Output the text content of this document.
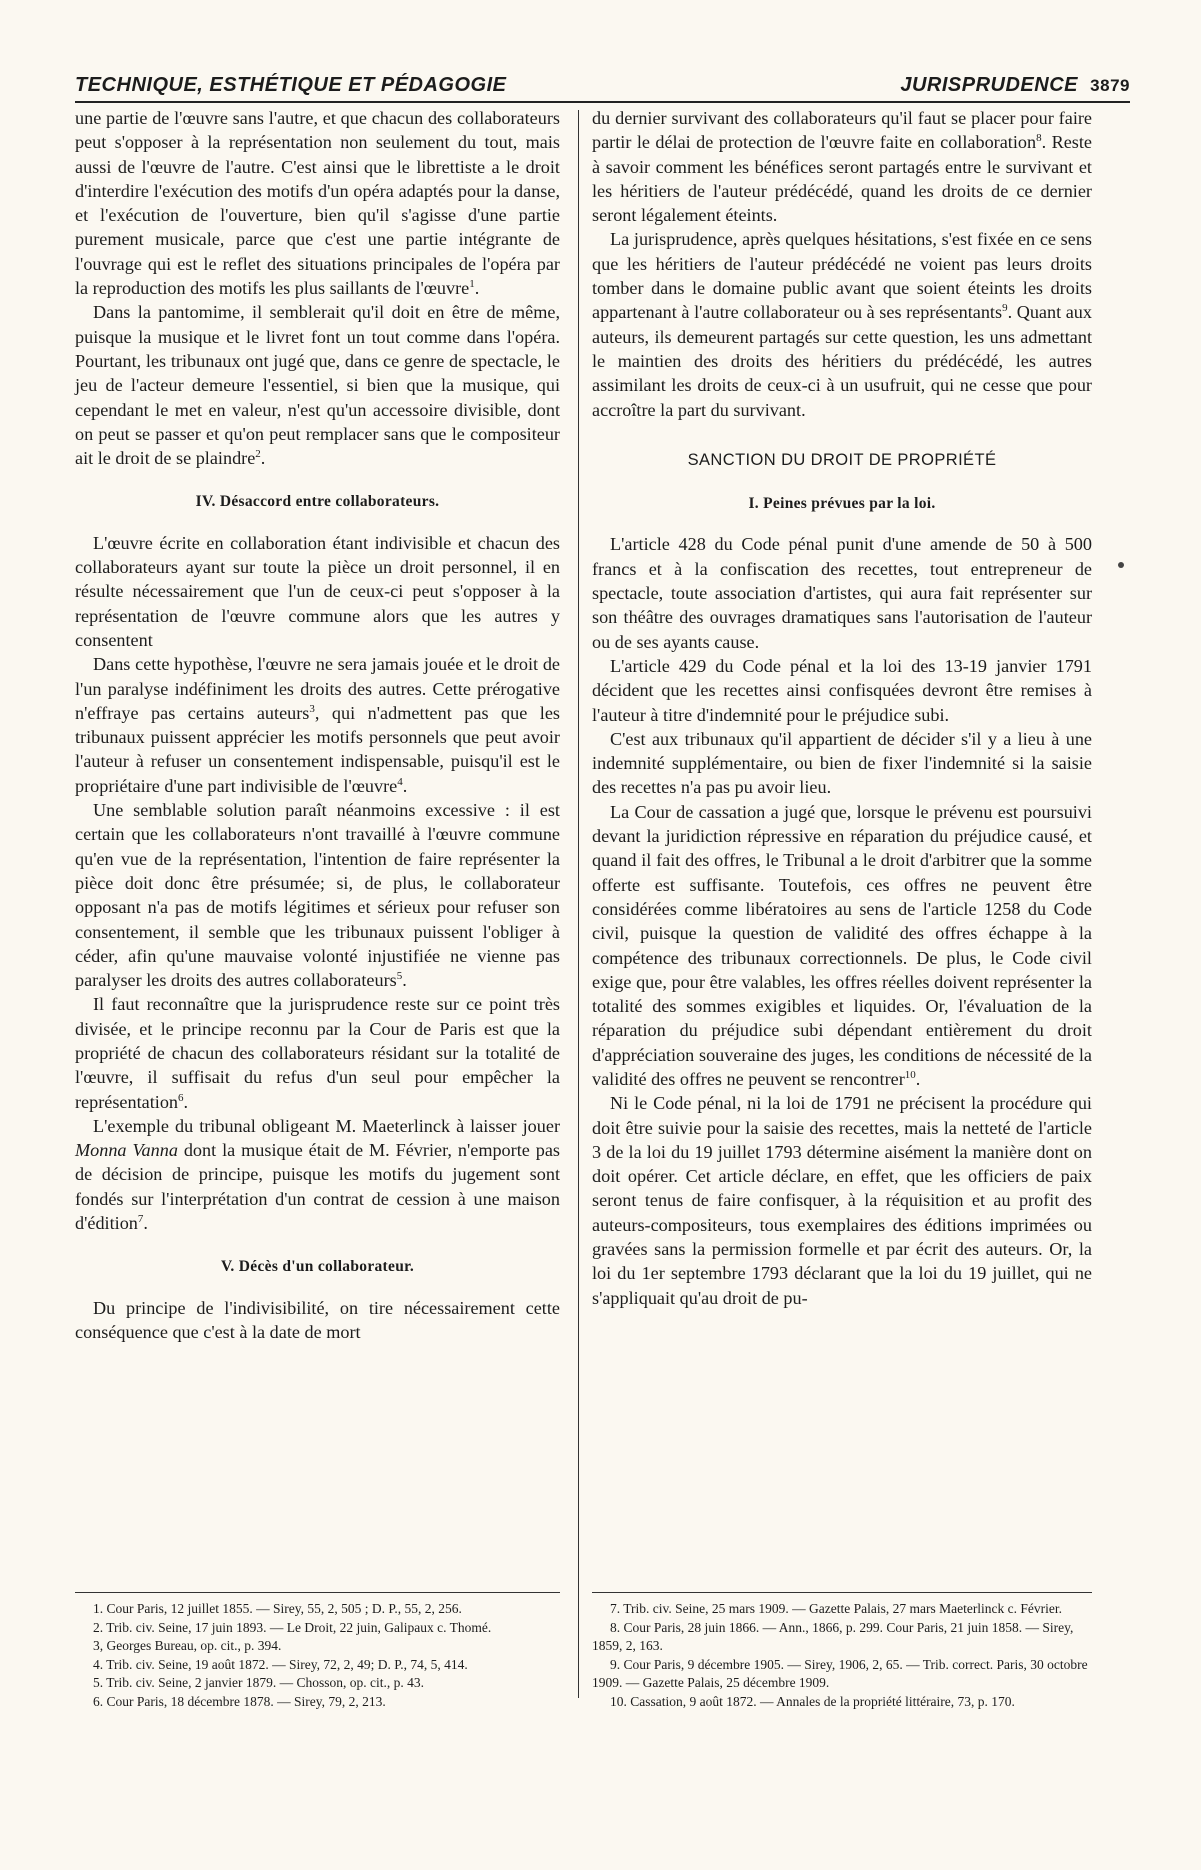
TECHNIQUE, ESTHÉTIQUE ET PÉDAGOGIE	JURISPRUDENCE 3879

une partie de l'œuvre sans l'autre, et que chacun des collaborateurs peut s'opposer à la représentation non seulement du tout, mais aussi de l'œuvre de l'autre. C'est ainsi que le librettiste a le droit d'interdire l'exécution des motifs d'un opéra adaptés pour la danse, et l'exécution de l'ouverture, bien qu'il s'agisse d'une partie purement musicale, parce que c'est une partie intégrante de l'ouvrage qui est le reflet des situations principales de l'opéra par la reproduction des motifs les plus saillants de l'œuvre$^1$.

Dans la pantomime, il semblerait qu'il doit en être de même, puisque la musique et le livret font un tout comme dans l'opéra. Pourtant, les tribunaux ont jugé que, dans ce genre de spectacle, le jeu de l'acteur demeure l'essentiel, si bien que la musique, qui cependant le met en valeur, n'est qu'un accessoire divisible, dont on peut se passer et qu'on peut remplacer sans que le compositeur ait le droit de se plaindre$^2$.

IV. Désaccord entre collaborateurs.

L'œuvre écrite en collaboration étant indivisible et chacun des collaborateurs ayant sur toute la pièce un droit personnel, il en résulte nécessairement que l'un de ceux-ci peut s'opposer à la représentation de l'œuvre commune alors que les autres y consentent

Dans cette hypothèse, l'œuvre ne sera jamais jouée et le droit de l'un paralyse indéfiniment les droits des autres. Cette prérogative n'effraye pas certains auteurs$^3$, qui n'admettent pas que les tribunaux puissent apprécier les motifs personnels que peut avoir l'auteur à refuser un consentement indispensable, puisqu'il est le propriétaire d'une part indivisible de l'œuvre$^4$.

Une semblable solution paraît néanmoins excessive : il est certain que les collaborateurs n'ont travaillé à l'œuvre commune qu'en vue de la représentation, l'intention de faire représenter la pièce doit donc être présumée; si, de plus, le collaborateur opposant n'a pas de motifs légitimes et sérieux pour refuser son consentement, il semble que les tribunaux puissent l'obliger à céder, afin qu'une mauvaise volonté injustifiée ne vienne pas paralyser les droits des autres collaborateurs$^5$.

Il faut reconnaître que la jurisprudence reste sur ce point très divisée, et le principe reconnu par la Cour de Paris est que la propriété de chacun des collaborateurs résidant sur la totalité de l'œuvre, il suffisait du refus d'un seul pour empêcher la représentation$^6$.

L'exemple du tribunal obligeant M. Maeterlinck à laisser jouer Monna Vanna dont la musique était de M. Février, n'emporte pas de décision de principe, puisque les motifs du jugement sont fondés sur l'interprétation d'un contrat de cession à une maison d'édition$^7$.

V. Décès d'un collaborateur.

Du principe de l'indivisibilité, on tire nécessairement cette conséquence que c'est à la date de mort

du dernier survivant des collaborateurs qu'il faut se placer pour faire partir le délai de protection de l'œuvre faite en collaboration$^8$. Reste à savoir comment les bénéfices seront partagés entre le survivant et les héritiers de l'auteur prédécédé, quand les droits de ce dernier seront légalement éteints.

La jurisprudence, après quelques hésitations, s'est fixée en ce sens que les héritiers de l'auteur prédécédé ne voient pas leurs droits tomber dans le domaine public avant que soient éteints les droits appartenant à l'autre collaborateur ou à ses représentants$^9$. Quant aux auteurs, ils demeurent partagés sur cette question, les uns admettant le maintien des droits des héritiers du prédécédé, les autres assimilant les droits de ceux-ci à un usufruit, qui ne cesse que pour accroître la part du survivant.

SANCTION DU DROIT DE PROPRIÉTÉ
I. Peines prévues par la loi.

L'article 428 du Code pénal punit d'une amende de 50 à 500 francs et à la confiscation des recettes, tout entrepreneur de spectacle, toute association d'artistes, qui aura fait représenter sur son théâtre des ouvrages dramatiques sans l'autorisation de l'auteur ou de ses ayants cause.

L'article 429 du Code pénal et la loi des 13-19 janvier 1791 décident que les recettes ainsi confisquées devront être remises à l'auteur à titre d'indemnité pour le préjudice subi.

C'est aux tribunaux qu'il appartient de décider s'il y a lieu à une indemnité supplémentaire, ou bien de fixer l'indemnité si la saisie des recettes n'a pas pu avoir lieu.

La Cour de cassation a jugé que, lorsque le prévenu est poursuivi devant la juridiction répressive en réparation du préjudice causé, et quand il fait des offres, le Tribunal a le droit d'arbitrer que la somme offerte est suffisante. Toutefois, ces offres ne peuvent être considérées comme libératoires au sens de l'article 1258 du Code civil, puisque la question de validité des offres échappe à la compétence des tribunaux correctionnels. De plus, le Code civil exige que, pour être valables, les offres réelles doivent représenter la totalité des sommes exigibles et liquides. Or, l'évaluation de la réparation du préjudice subi dépendant entièrement du droit d'appréciation souveraine des juges, les conditions de nécessité de la validité des offres ne peuvent se rencontrer$^{10}$.

Ni le Code pénal, ni la loi de 1791 ne précisent la procédure qui doit être suivie pour la saisie des recettes, mais la netteté de l'article 3 de la loi du 19 juillet 1793 détermine aisément la manière dont on doit opérer. Cet article déclare, en effet, que les officiers de paix seront tenus de faire confisquer, à la réquisition et au profit des auteurs-compositeurs, tous exemplaires des éditions imprimées ou gravées sans la permission formelle et par écrit des auteurs. Or, la loi du 1er septembre 1793 déclarant que la loi du 19 juillet, qui ne s'appliquait qu'au droit de pu-

1. Cour Paris, 12 juillet 1855. — Sirey, 55, 2, 505 ; D. P., 55, 2, 256.

2. Trib. civ. Seine, 17 juin 1893. — Le Droit, 22 juin, Galipaux c. Thomé.

3, Georges Bureau, op. cit., p. 394.

4. Trib. civ. Seine, 19 août 1872. — Sirey, 72, 2, 49; D. P., 74, 5, 414.

5. Trib. civ. Seine, 2 janvier 1879. — Chosson, op. cit., p. 43.

6. Cour Paris, 18 décembre 1878. — Sirey, 79, 2, 213.

7. Trib. civ. Seine, 25 mars 1909. — Gazette Palais, 27 mars Maeterlinck c. Février.

8. Cour Paris, 28 juin 1866. — Ann., 1866, p. 299. Cour Paris, 21 juin 1858. — Sirey, 1859, 2, 163.

9. Cour Paris, 9 décembre 1905. — Sirey, 1906, 2, 65. — Trib. correct. Paris, 30 octobre 1909. — Gazette Palais, 25 décembre 1909.

10. Cassation, 9 août 1872. — Annales de la propriété littéraire, 73, p. 170.
